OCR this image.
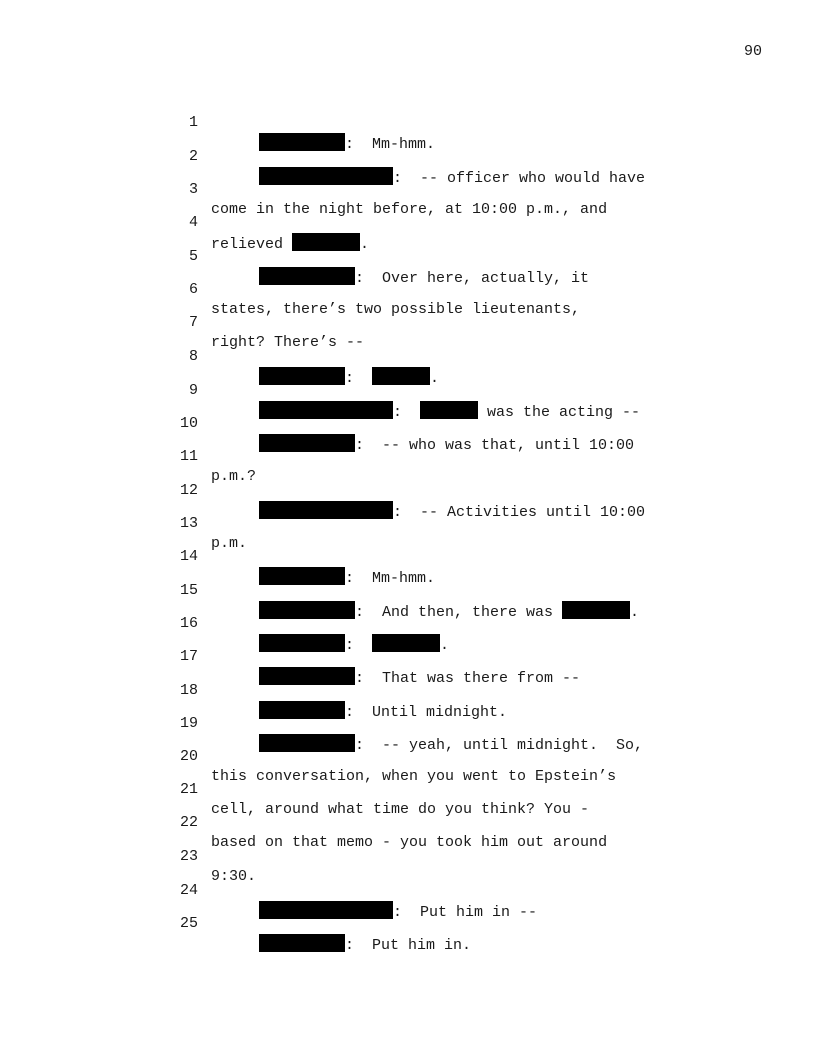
90

1

:  Mm-hmm.

2

:  -- officer who would have

3

come in the night before, at 10:00 p.m., and

4

relieved	.

5

:  Over here, actually, it

6

states, there’s two possible lieutenants,

7

right? There’s --

8

:	.

9

:	was the acting --

10

:  -- who was that, until 10:00

11

p.m.?

12

:  -- Activities until 10:00

13

p.m.

14

:  Mm-hmm.

15

:  And then, there was	.

16

:	.

17

:  That was there from --

18

:  Until midnight.

19

:  -- yeah, until midnight.  So,

20

this conversation, when you went to Epstein’s

21

cell, around what time do you think? You -

22

based on that memo - you took him out around

23

9:30.

24

:  Put him in --

25

:  Put him in.
